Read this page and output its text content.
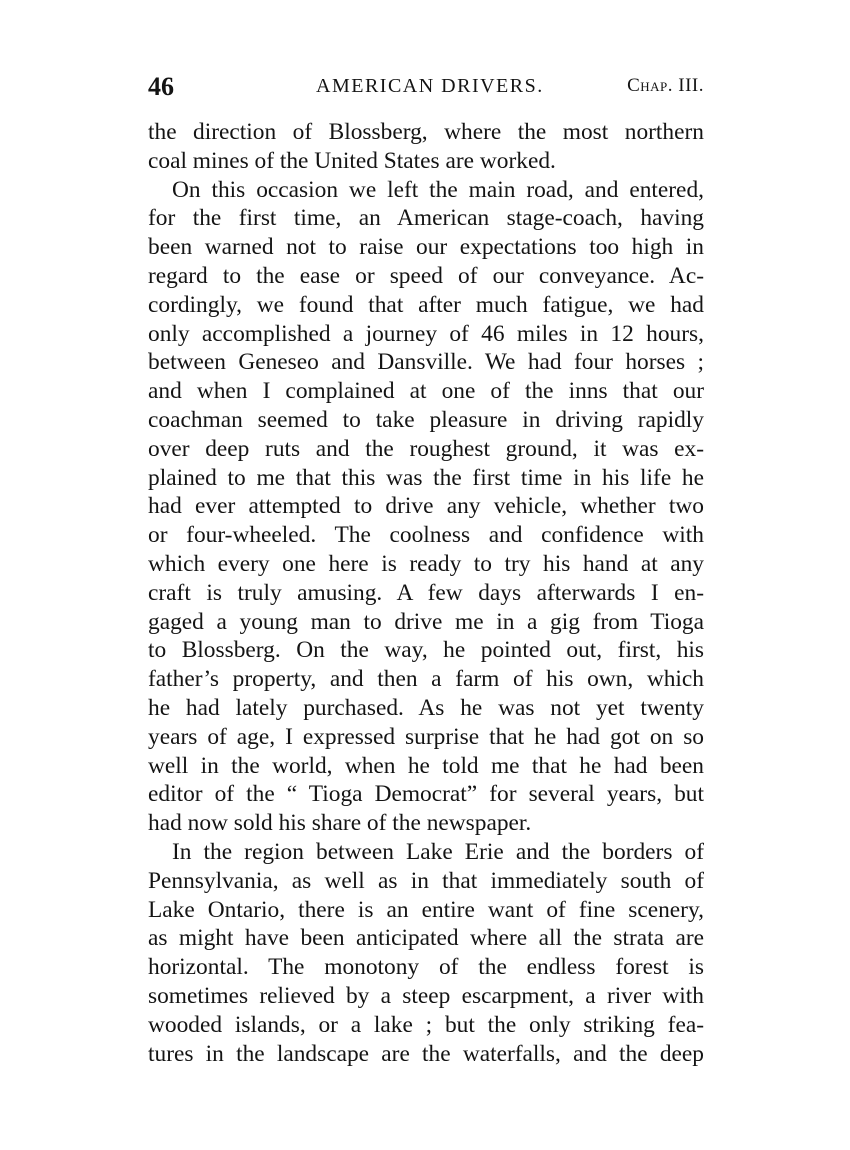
46	AMERICAN DRIVERS.	Chap. III.
the direction of Blossberg, where the most northern
coal mines of the United States are worked.
On this occasion we left the main road, and entered,
for the first time, an American stage-coach, having
been warned not to raise our expectations too high in
regard to the ease or speed of our conveyance. Ac-
cordingly, we found that after much fatigue, we had
only accomplished a journey of 46 miles in 12 hours,
between Geneseo and Dansville. We had four horses ;
and when I complained at one of the inns that our
coachman seemed to take pleasure in driving rapidly
over deep ruts and the roughest ground, it was ex-
plained to me that this was the first time in his life he
had ever attempted to drive any vehicle, whether two
or four-wheeled. The coolness and confidence with
which every one here is ready to try his hand at any
craft is truly amusing. A few days afterwards I en-
gaged a young man to drive me in a gig from Tioga
to Blossberg. On the way, he pointed out, first, his
father’s property, and then a farm of his own, which
he had lately purchased. As he was not yet twenty
years of age, I expressed surprise that he had got on so
well in the world, when he told me that he had been
editor of the “ Tioga Democrat” for several years, but
had now sold his share of the newspaper.
In the region between Lake Erie and the borders of
Pennsylvania, as well as in that immediately south of
Lake Ontario, there is an entire want of fine scenery,
as might have been anticipated where all the strata are
horizontal. The monotony of the endless forest is
sometimes relieved by a steep escarpment, a river with
wooded islands, or a lake ; but the only striking fea-
tures in the landscape are the waterfalls, and the deep
